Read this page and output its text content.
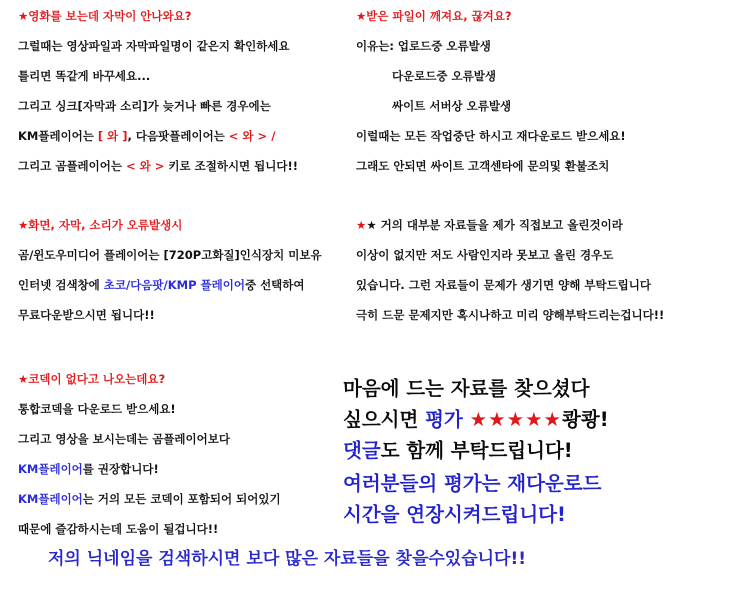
★영화를 보는데 자막이 안나와요?
그럴때는 영상파일과 자막파일명이 같은지 확인하세요
틀리면 똑같게 바꾸세요...
그리고 싱크[자막과 소리]가 늦거나 빠른 경우에는
KM플레이어는 [ 와 ], 다음팟플레이어는 < 와 > /
그리고 곰플레이어는 < 와 > 키로 조절하시면 됩니다!!
★받은 파일이 깨져요, 끊겨요?
이유는: 업로드중 오류발생
다운로드중 오류발생
싸이트 서버상 오류발생
이럴때는 모든 작업중단 하시고 재다운로드 받으세요!
그래도 안되면 싸이트 고객센타에 문의및 환불조치
★화면, 자막, 소리가 오류발생시
곰/윈도우미디어 플레이어는 [720P고화질]인식장치 미보유
인터넷 검색창에 초코/다음팟/KMP 플레이어중 선택하여
무료다운받으시면 됩니다!!
★★ 거의 대부분 자료들을 제가 직접보고 올린것이라
이상이 없지만 저도 사람인지라 못보고 올린 경우도
있습니다. 그런 자료들이 문제가 생기면 양해 부탁드립니다
극히 드문 문제지만 혹시나하고 미리 양해부탁드리는겁니다!!
★코덱이 없다고 나오는데요?
통합코덱을 다운로드 받으세요!
그리고 영상을 보시는데는 곰플레이어보다
KM플레이어를 권장합니다!
KM플레이어는 거의 모든 코덱이 포함되어 되어있기
때문에 즐감하시는데 도움이 될겁니다!!
마음에 드는 자료를 찾으셨다
싶으시면 평가 ★★★★★쾅쾅!
댓글도 함께 부탁드립니다!
여러분들의 평가는 재다운로드
시간을 연장시켜드립니다!
저의 닉네임을 검색하시면 보다 많은 자료들을 찾을수있습니다!!
